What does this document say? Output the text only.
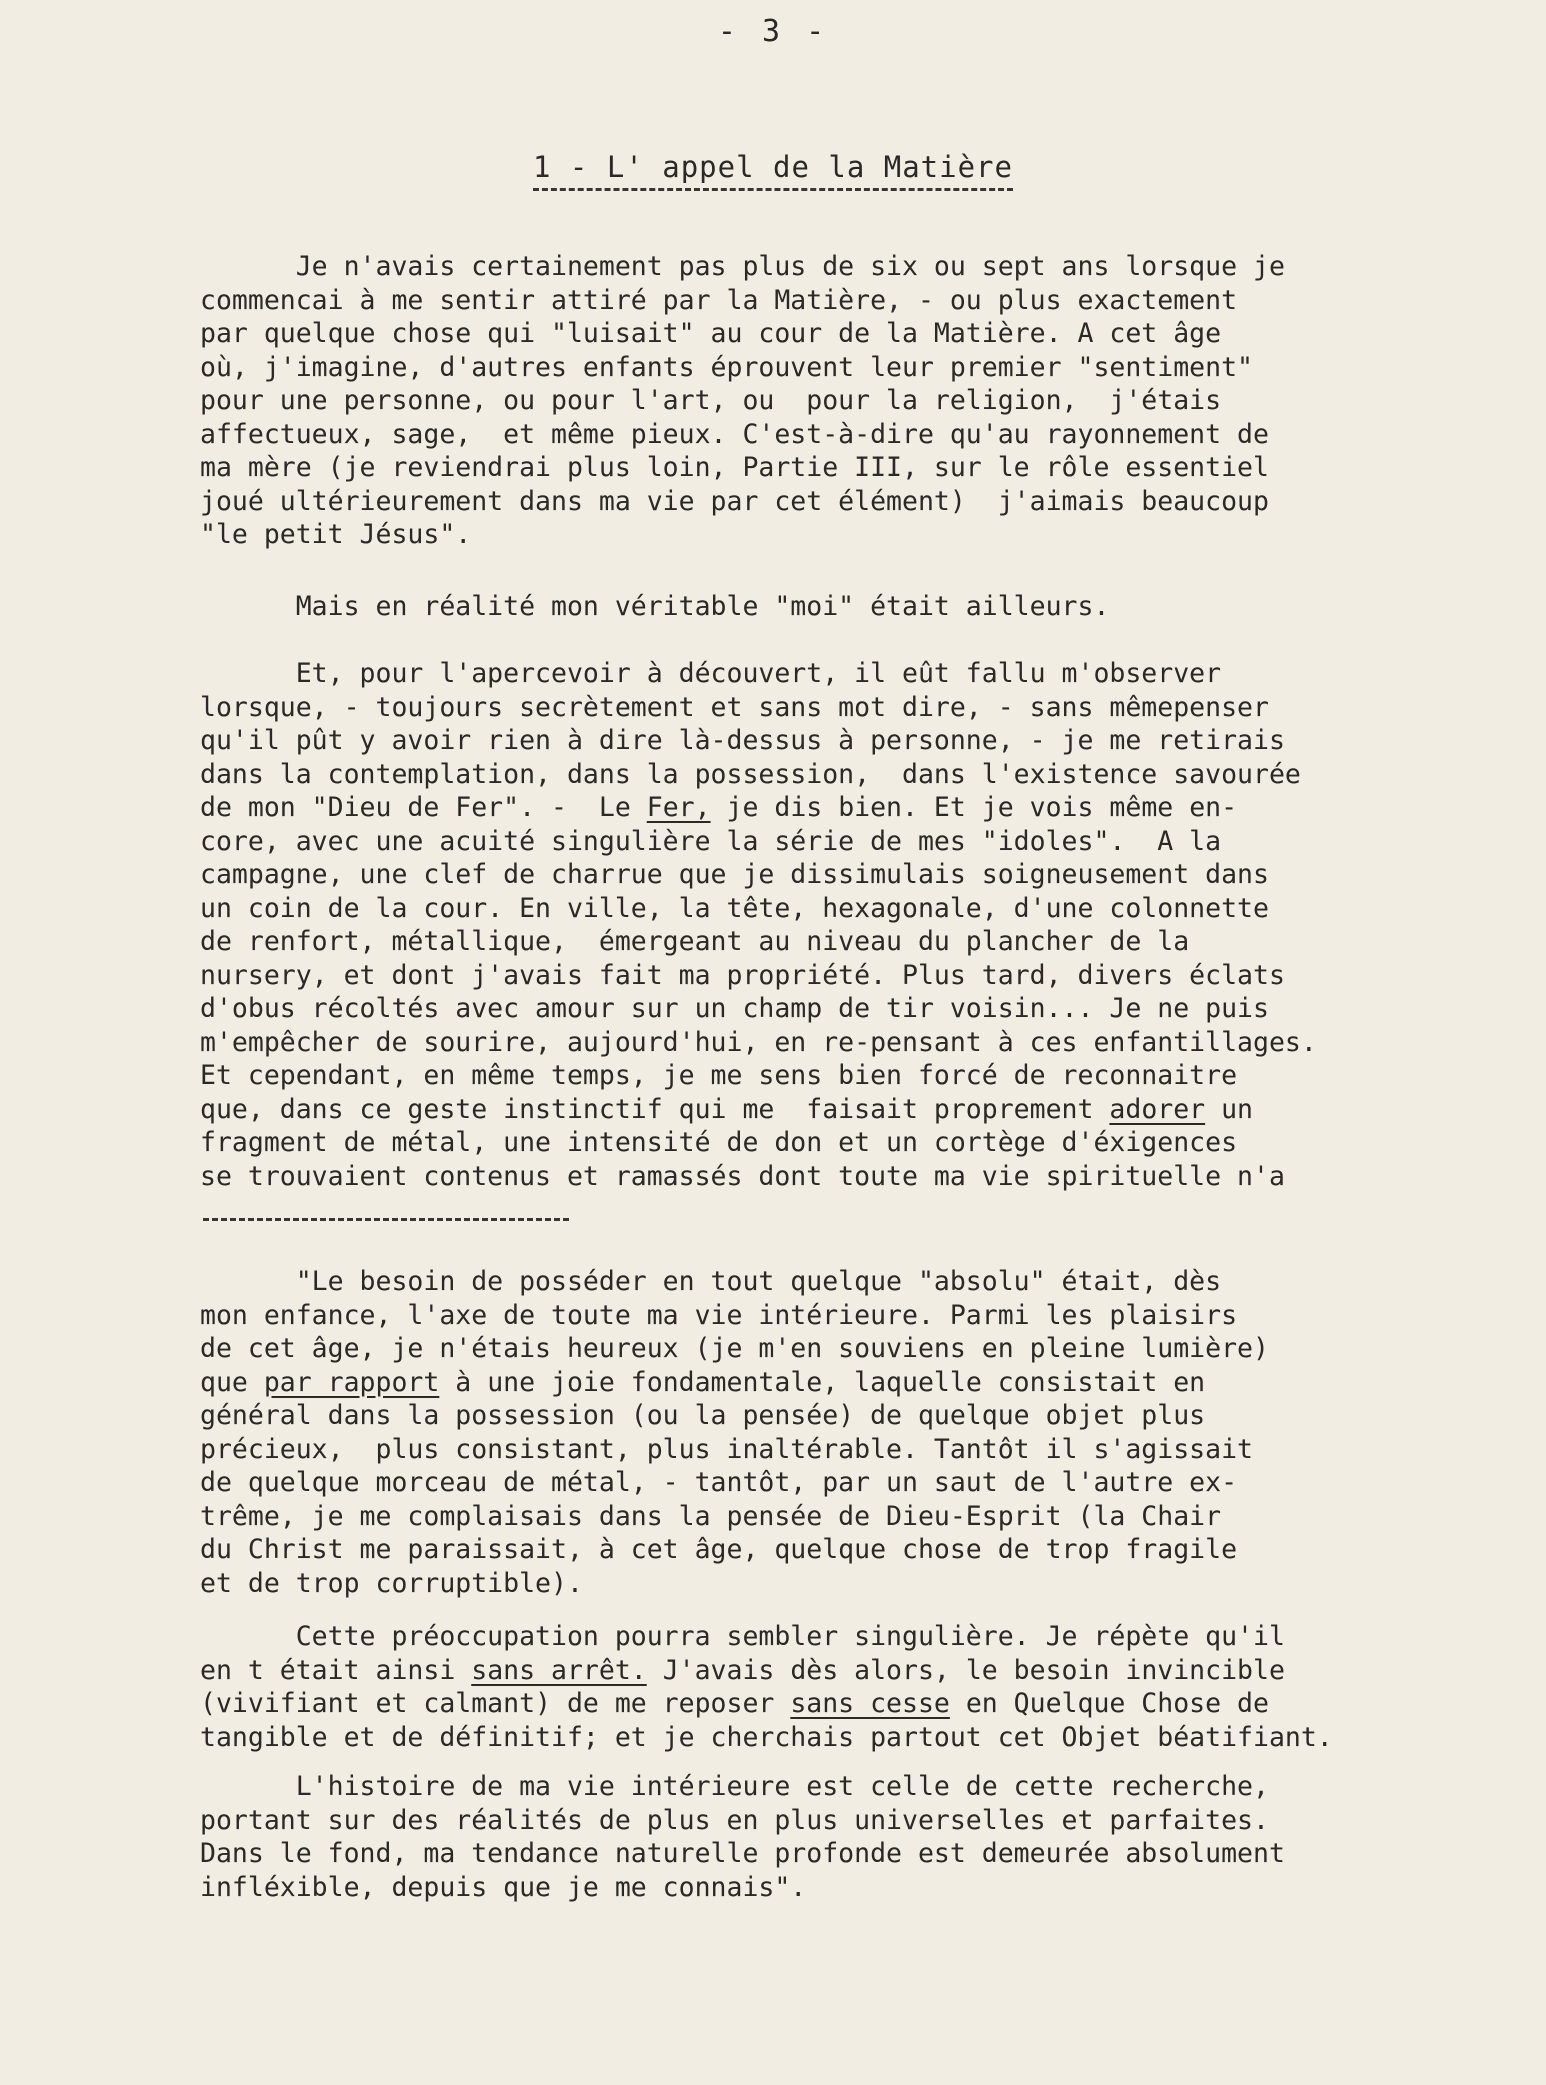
- 3 -
1 - L' appel de la Matière
Je n'avais certainement pas plus de six ou sept ans lorsque je
commencai à me sentir attiré par la Matière, - ou plus exactement
par quelque chose qui "luisait" au cour de la Matière. A cet âge
où, j'imagine, d'autres enfants éprouvent leur premier "sentiment"
pour une personne, ou pour l'art, ou  pour la religion,  j'étais
affectueux, sage,  et même pieux. C'est-à-dire qu'au rayonnement de
ma mère (je reviendrai plus loin, Partie III, sur le rôle essentiel
joué ultérieurement dans ma vie par cet élément)  j'aimais beaucoup
"le petit Jésus".
Mais en réalité mon véritable "moi" était ailleurs.
Et, pour l'apercevoir à découvert, il eût fallu m'observer
lorsque, - toujours secrètement et sans mot dire, - sans mêmepenser
qu'il pût y avoir rien à dire là-dessus à personne, - je me retirais
dans la contemplation, dans la possession,  dans l'existence savourée
de mon "Dieu de Fer". -  Le Fer, je dis bien. Et je vois même en-
core, avec une acuité singulière la série de mes "idoles".  A la
campagne, une clef de charrue que je dissimulais soigneusement dans
un coin de la cour. En ville, la tête, hexagonale, d'une colonnette
de renfort, métallique,  émergeant au niveau du plancher de la
nursery, et dont j'avais fait ma propriété. Plus tard, divers éclats
d'obus récoltés avec amour sur un champ de tir voisin... Je ne puis
m'empêcher de sourire, aujourd'hui, en re-pensant à ces enfantillages.
Et cependant, en même temps, je me sens bien forcé de reconnaitre
que, dans ce geste instinctif qui me  faisait proprement adorer un
fragment de métal, une intensité de don et un cortège d'éxigences
se trouvaient contenus et ramassés dont toute ma vie spirituelle n'a
"Le besoin de posséder en tout quelque "absolu" était, dès
mon enfance, l'axe de toute ma vie intérieure. Parmi les plaisirs
de cet âge, je n'étais heureux (je m'en souviens en pleine lumière)
que par rapport à une joie fondamentale, laquelle consistait en
général dans la possession (ou la pensée) de quelque objet plus
précieux,  plus consistant, plus inaltérable. Tantôt il s'agissait
de quelque morceau de métal, - tantôt, par un saut de l'autre ex-
trême, je me complaisais dans la pensée de Dieu-Esprit (la Chair
du Christ me paraissait, à cet âge, quelque chose de trop fragile
et de trop corruptible).
Cette préoccupation pourra sembler singulière. Je répète qu'il
en t était ainsi sans arrêt. J'avais dès alors, le besoin invincible
(vivifiant et calmant) de me reposer sans cesse en Quelque Chose de
tangible et de définitif; et je cherchais partout cet Objet béatifiant.
L'histoire de ma vie intérieure est celle de cette recherche,
portant sur des réalités de plus en plus universelles et parfaites.
Dans le fond, ma tendance naturelle profonde est demeurée absolument
infléxible, depuis que je me connais".
